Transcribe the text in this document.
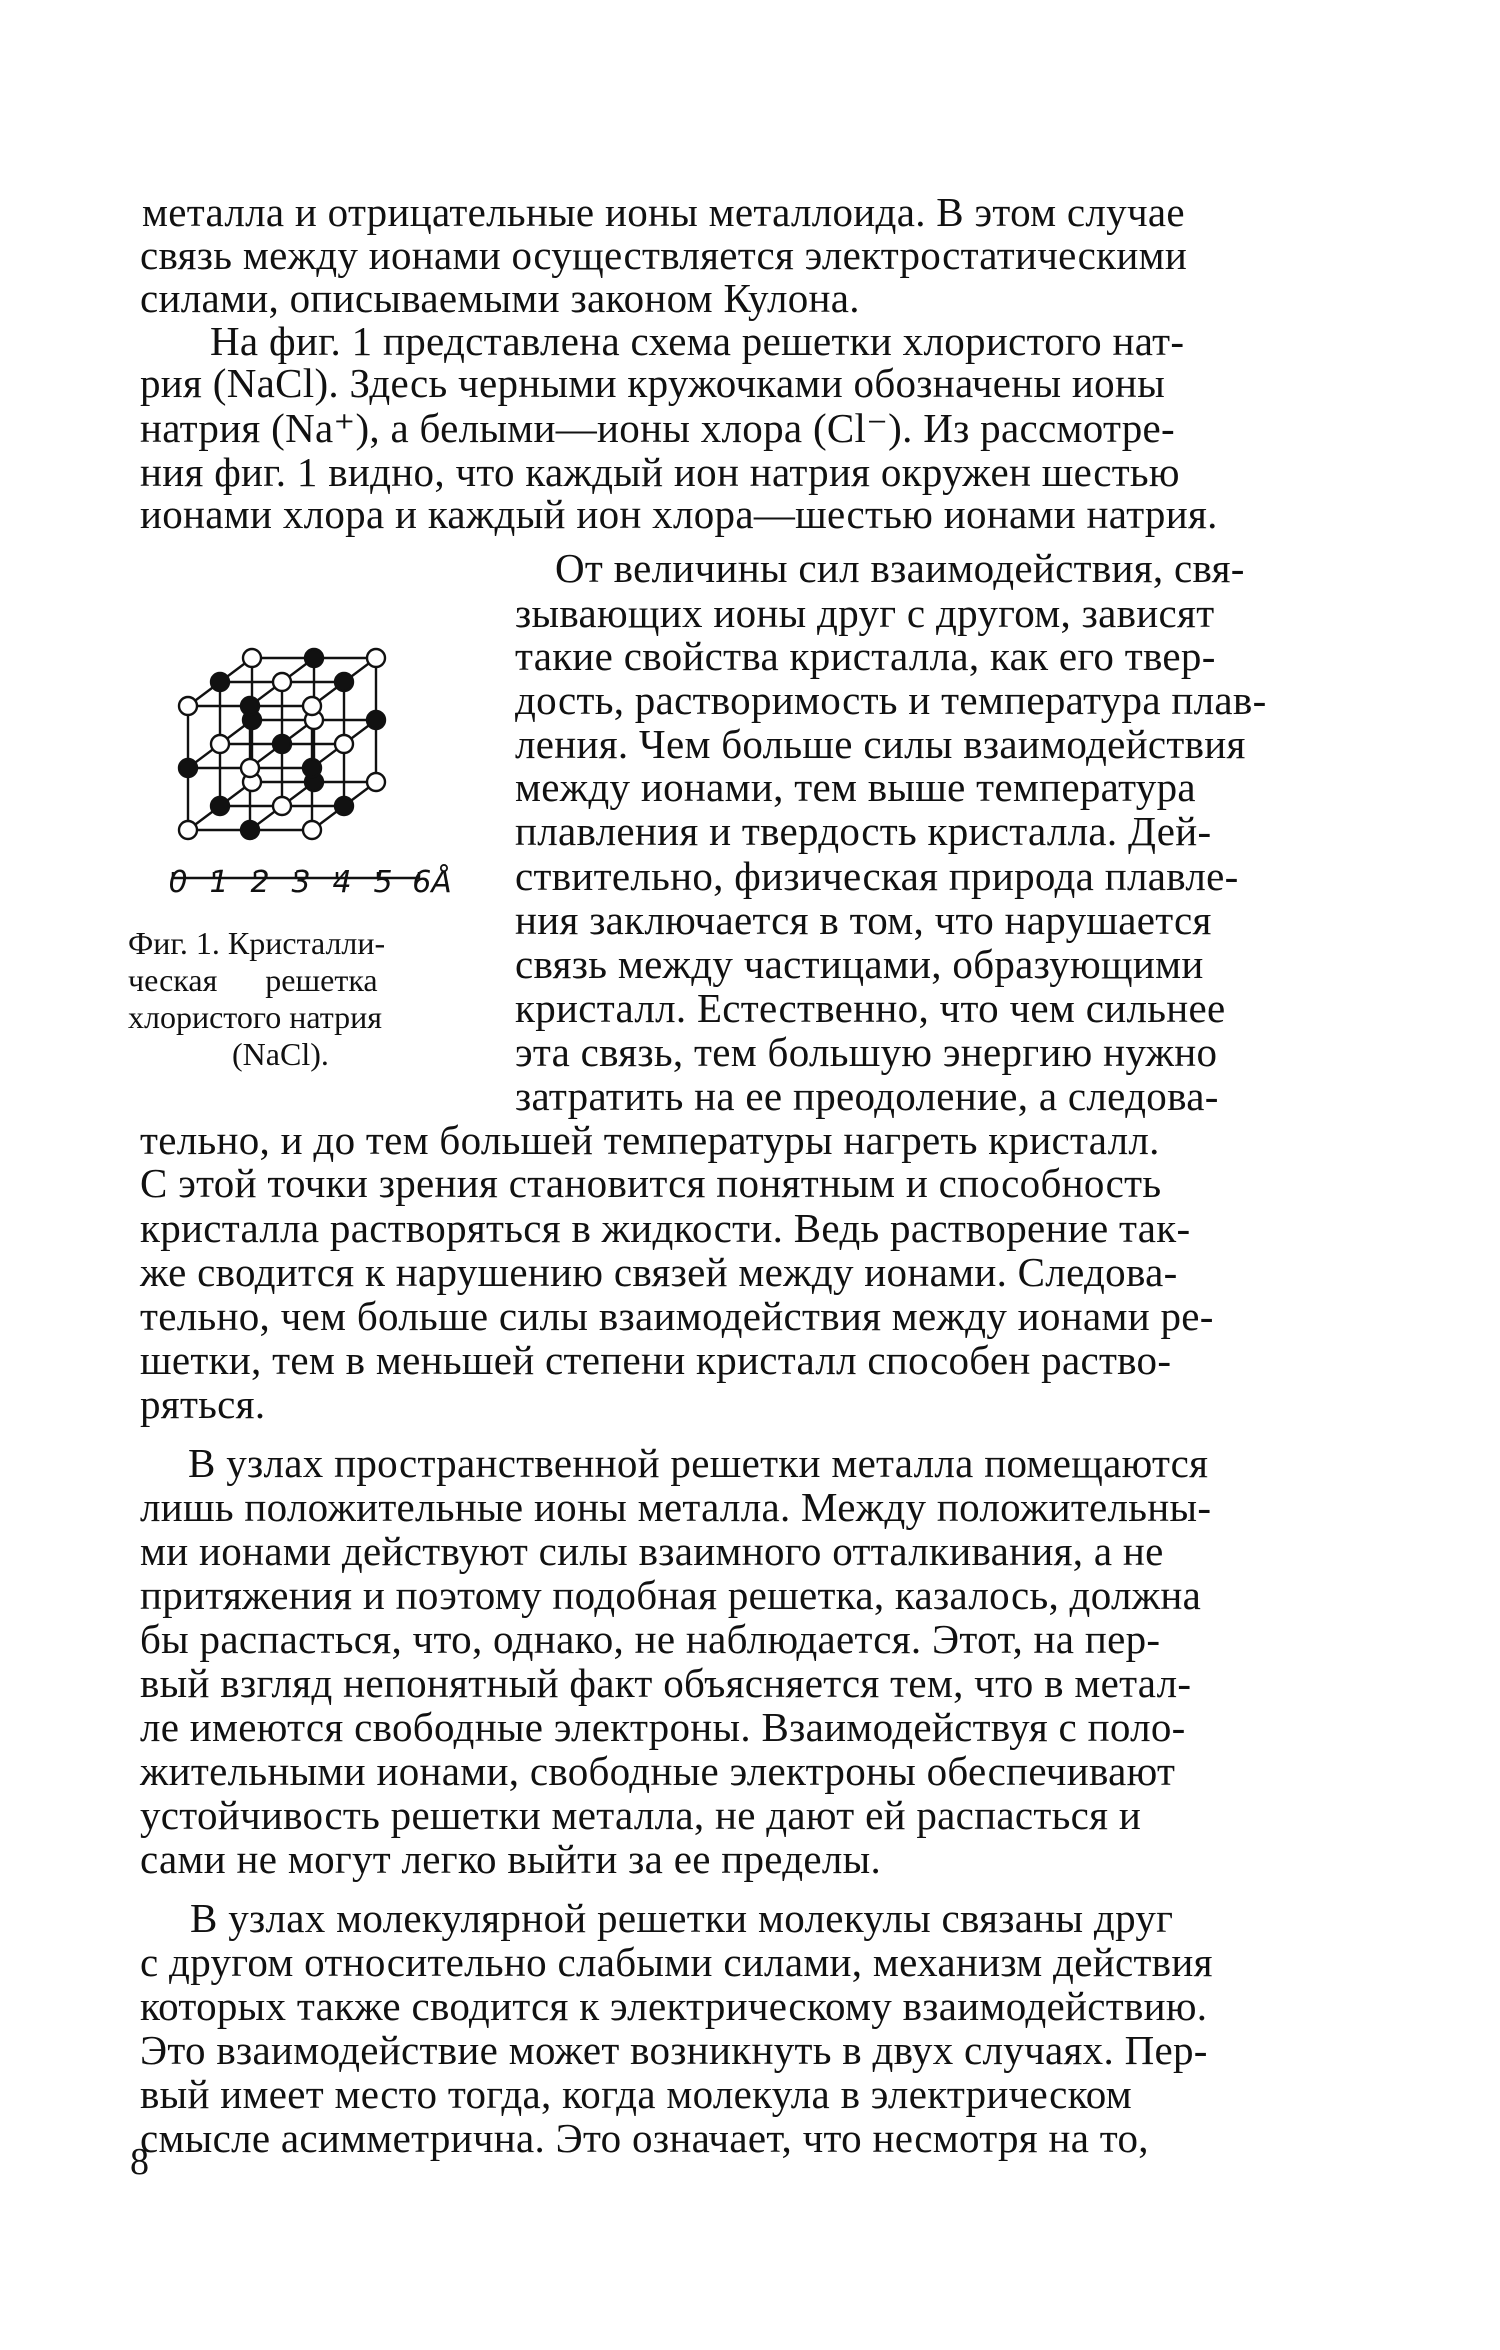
металла и отрицательные ионы металлоида. В этом случае
связь между ионами осуществляется электростатическими
силами, описываемыми законом Кулона.
На фиг. 1 представлена схема решетки хлористого нат-
рия (NaCl). Здесь черными кружочками обозначены ионы
натрия (Na⁺), а белыми—ионы хлора (Cl⁻). Из рассмотре-
ния фиг. 1 видно, что каждый ион натрия окружен шестью
ионами хлора и каждый ион хлора—шестью ионами натрия.
От величины сил взаимодействия, свя-
зывающих ионы друг с другом, зависят
такие свойства кристалла, как его твер-
дость, растворимость и температура плав-
ления. Чем больше силы взаимодействия
между ионами, тем выше температура
плавления и твердость кристалла. Дей-
ствительно, физическая природа плавле-
ния заключается в том, что нарушается
связь между частицами, образующими
кристалл. Естественно, что чем сильнее
эта связь, тем большую энергию нужно
затратить на ее преодоление, а следова-
тельно, и до тем большей температуры нагреть кристалл.
С этой точки зрения становится понятным и способность
кристалла растворяться в жидкости. Ведь растворение так-
же сводится к нарушению связей между ионами. Следова-
тельно, чем больше силы взаимодействия между ионами ре-
шетки, тем в меньшей степени кристалл способен раство-
ряться.
В узлах пространственной решетки металла помещаются
лишь положительные ионы металла. Между положительны-
ми ионами действуют силы взаимного отталкивания, а не
притяжения и поэтому подобная решетка, казалось, должна
бы распасться, что, однако, не наблюдается. Этот, на пер-
вый взгляд непонятный факт объясняется тем, что в метал-
ле имеются свободные электроны. Взаимодействуя с поло-
жительными ионами, свободные электроны обеспечивают
устойчивость решетки металла, не дают ей распасться и
сами не могут легко выйти за ее пределы.
В узлах молекулярной решетки молекулы связаны друг
с другом относительно слабыми силами, механизм действия
которых также сводится к электрическому взаимодействию.
Это взаимодействие может возникнуть в двух случаях. Пер-
вый имеет место тогда, когда молекула в электрическом
смысле асимметрична. Это означает, что несмотря на то,
0 1 2 3 4 5 6Å
Фиг. 1. Кристалли-
ческая решетка
хлористого натрия
(NaCl).
8
